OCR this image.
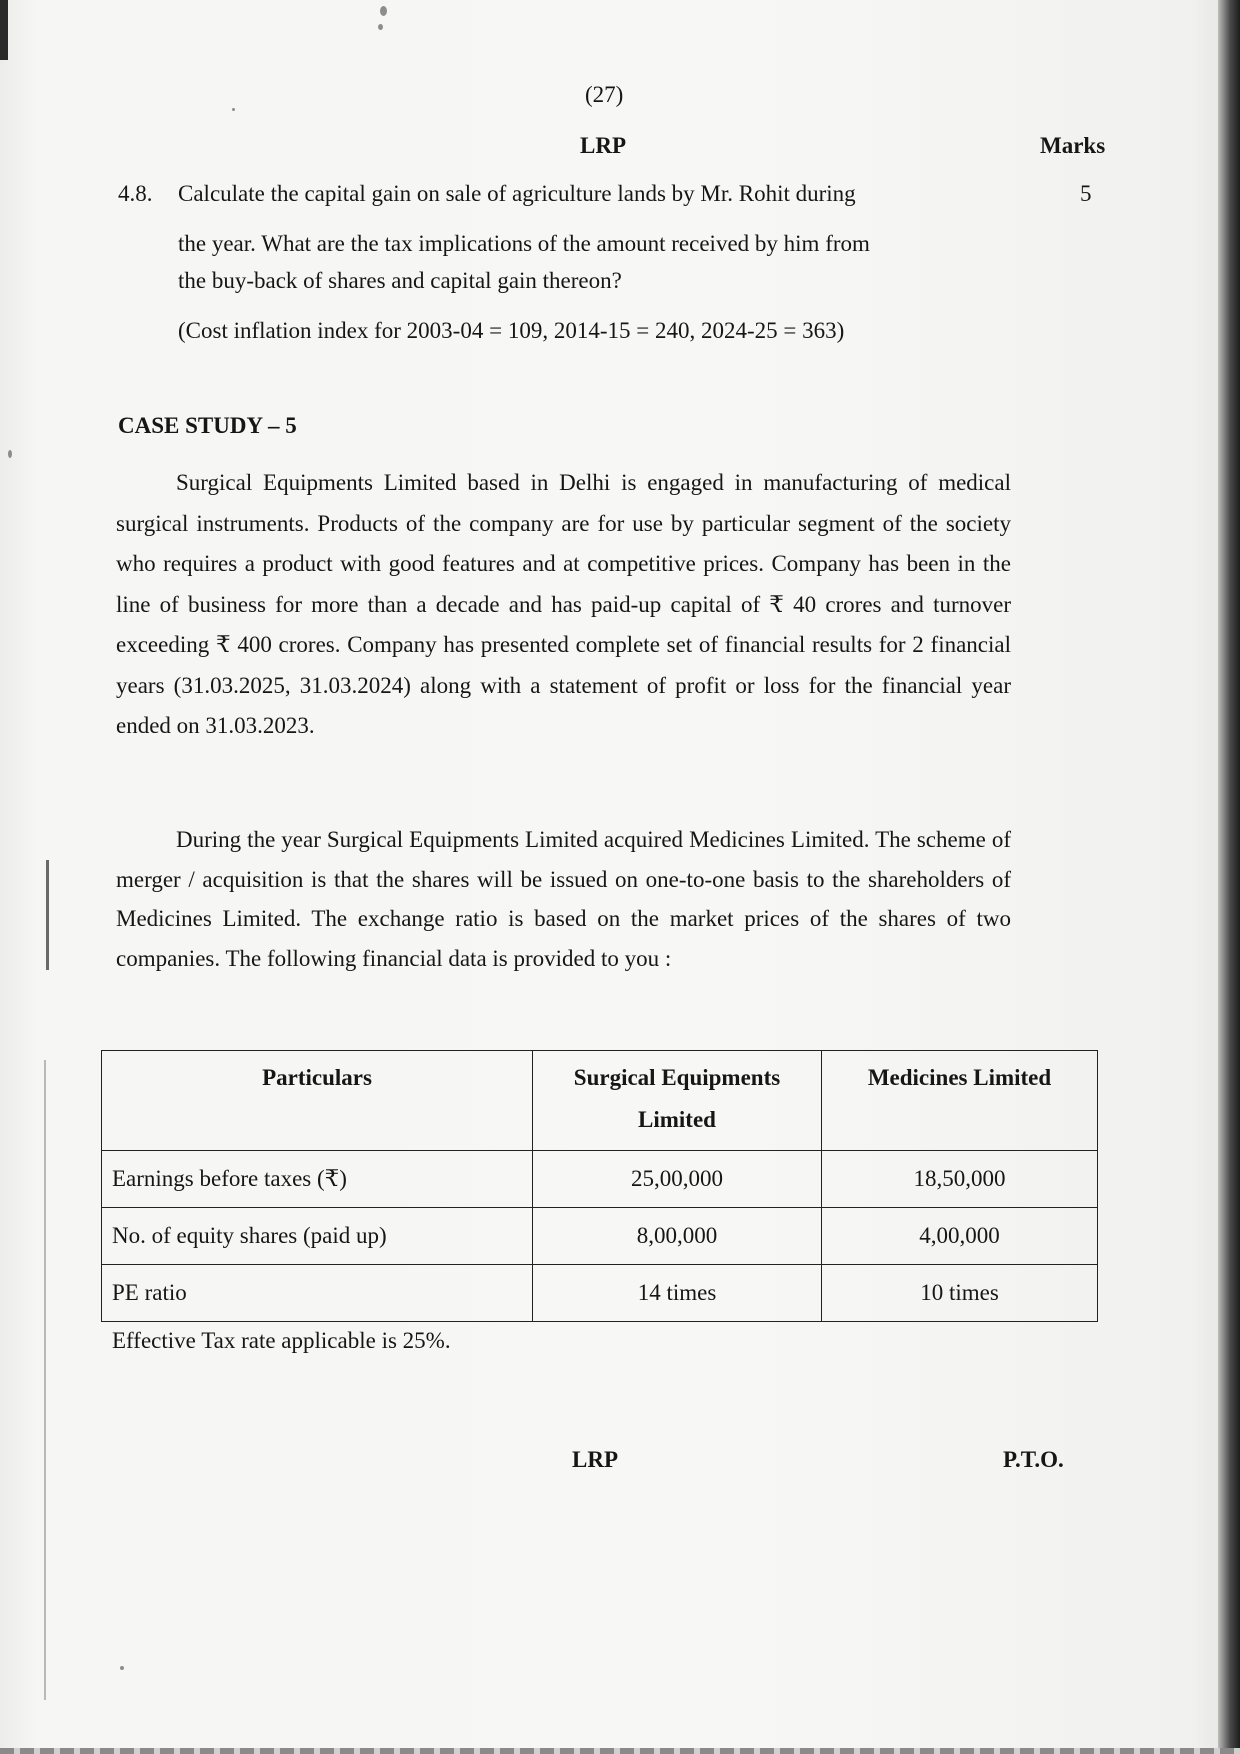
(27)
LRP	Marks
4.8. Calculate the capital gain on sale of agriculture lands by Mr. Rohit during
the year. What are the tax implications of the amount received by him from
the buy-back of shares and capital gain thereon?
(Cost inflation index for 2003-04 = 109, 2014-15 = 240, 2024-25 = 363)
5
CASE STUDY – 5

Surgical Equipments Limited based in Delhi is engaged in manufacturing of medical surgical instruments. Products of the company are for use by particular segment of the society who requires a product with good features and at competitive prices. Company has been in the line of business for more than a decade and has paid-up capital of ₹ 40 crores and turnover exceeding ₹ 400 crores. Company has presented complete set of financial results for 2 financial years (31.03.2025, 31.03.2024) along with a statement of profit or loss for the financial year ended on 31.03.2023.

During the year Surgical Equipments Limited acquired Medicines Limited. The scheme of merger / acquisition is that the shares will be issued on one-to-one basis to the shareholders of Medicines Limited. The exchange ratio is based on the market prices of the shares of two companies. The following financial data is provided to you :

Particulars	Surgical Equipments Limited	Medicines Limited
Earnings before taxes (₹)	25,00,000	18,50,000
No. of equity shares (paid up)	8,00,000	4,00,000
PE ratio	14 times	10 times
Effective Tax rate applicable is 25%.
LRP	P.T.O.
